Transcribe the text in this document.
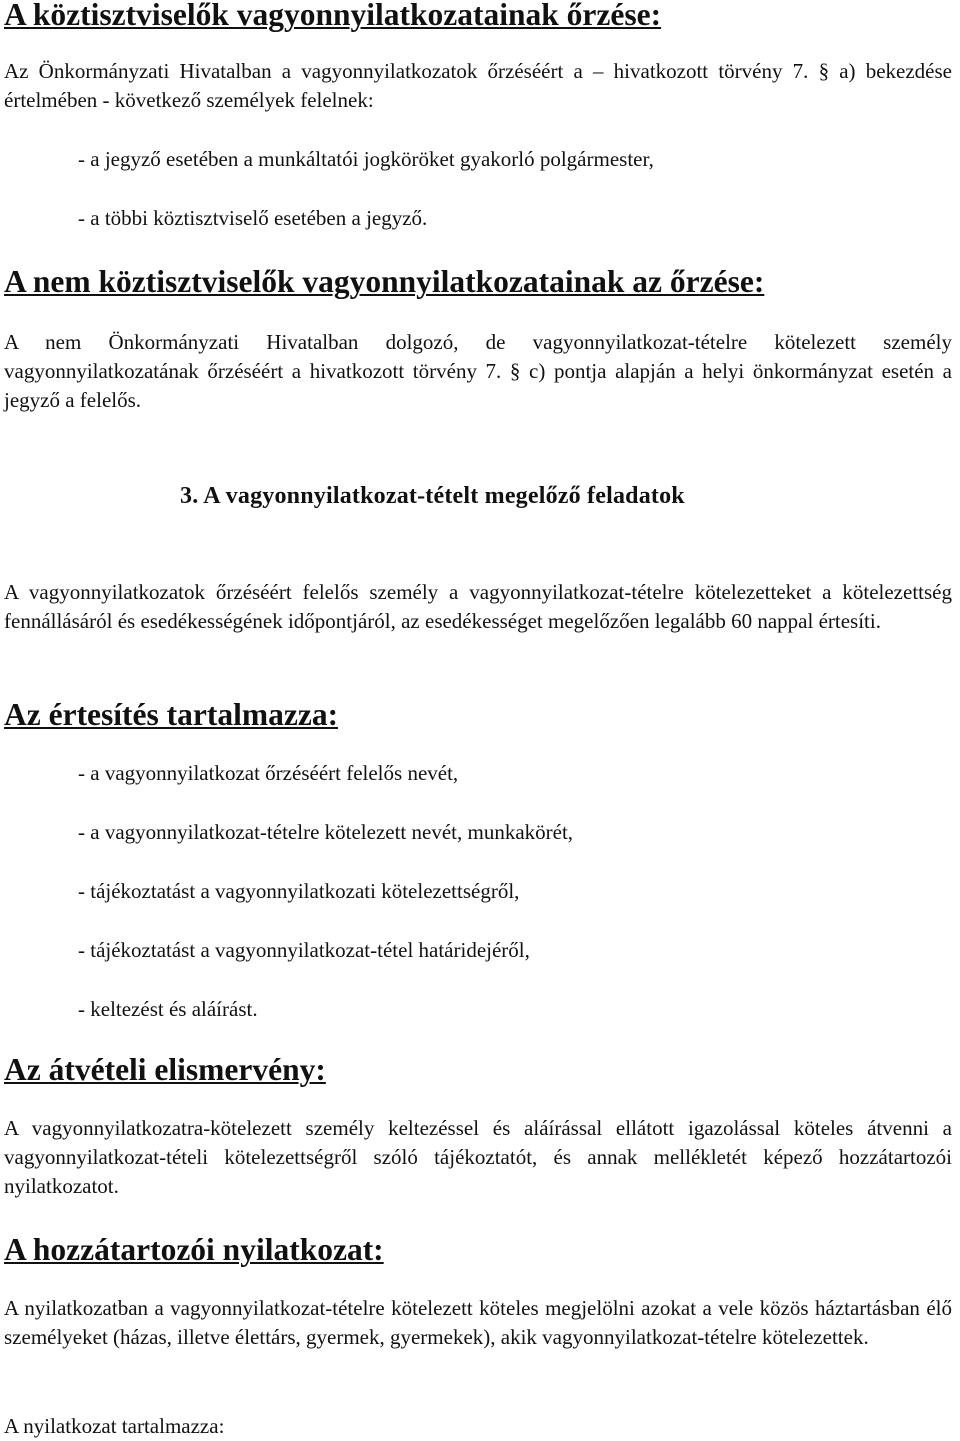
A köztisztviselők vagyonnyilatkozatainak őrzése:

Az Önkormányzati Hivatalban a vagyonnyilatkozatok őrzéséért a – hivatkozott törvény 7. § a) bekezdése értelmében - következő személyek felelnek:

- a jegyző esetében a munkáltatói jogköröket gyakorló polgármester,

- a többi köztisztviselő esetében a jegyző.

A nem köztisztviselők vagyonnyilatkozatainak az őrzése:

A nem Önkormányzati Hivatalban dolgozó, de vagyonnyilatkozat-tételre kötelezett személy vagyonnyilatkozatának őrzéséért a hivatkozott törvény 7. § c) pontja alapján a helyi önkormányzat esetén a jegyző a felelős.

3. A vagyonnyilatkozat-tételt megelőző feladatok

A vagyonnyilatkozatok őrzéséért felelős személy a vagyonnyilatkozat-tételre kötelezetteket a kötelezettség fennállásáról és esedékességének időpontjáról, az esedékességet megelőzően legalább 60 nappal értesíti.

Az értesítés tartalmazza:

- a vagyonnyilatkozat őrzéséért felelős nevét,

- a vagyonnyilatkozat-tételre kötelezett nevét, munkakörét,

- tájékoztatást a vagyonnyilatkozati kötelezettségről,

- tájékoztatást a vagyonnyilatkozat-tétel határidejéről,

- keltezést és aláírást.

Az átvételi elismervény:

A vagyonnyilatkozatra-kötelezett személy keltezéssel és aláírással ellátott igazolással köteles átvenni a vagyonnyilatkozat-tételi kötelezettségről szóló tájékoztatót, és annak mellékletét képező hozzátartozói nyilatkozatot.

A hozzátartozói nyilatkozat:

A nyilatkozatban a vagyonnyilatkozat-tételre kötelezett köteles megjelölni azokat a vele közös háztartásban élő személyeket (házas, illetve élettárs, gyermek, gyermekek), akik vagyonnyilatkozat-tételre kötelezettek.

A nyilatkozat tartalmazza:
